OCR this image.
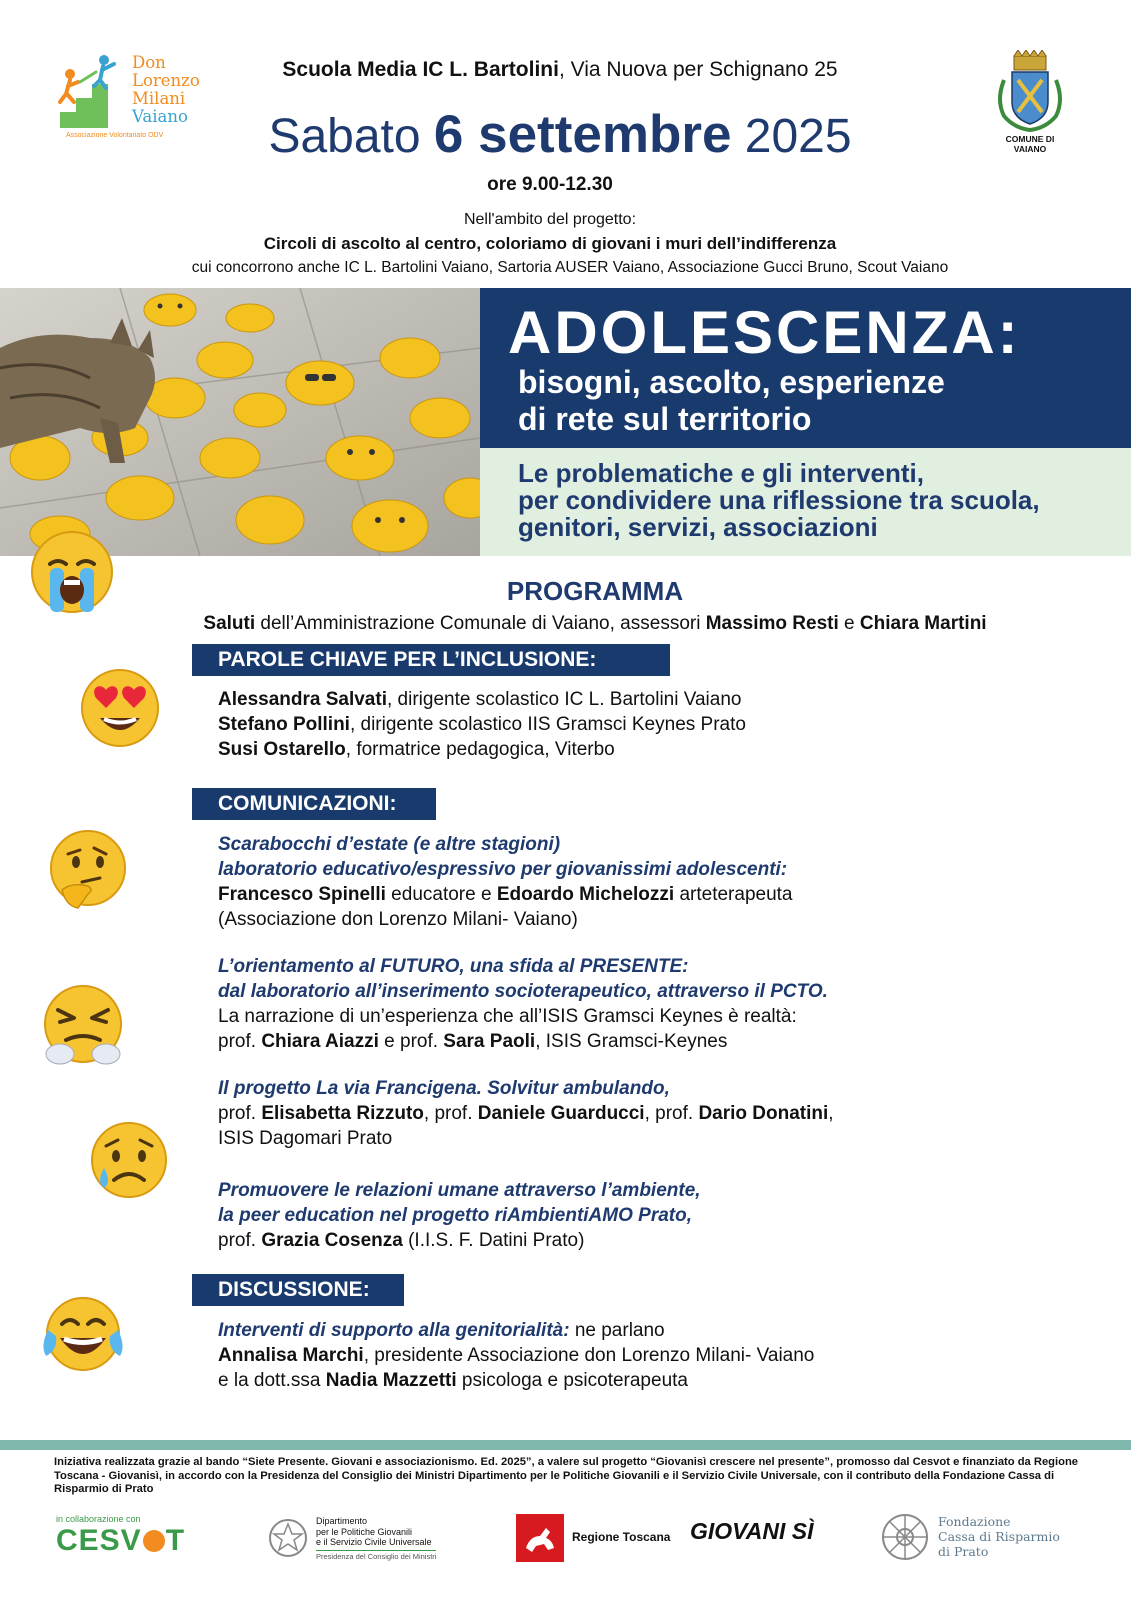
Don
Lorenzo
Milani
Vaiano
Associazione Volontariato ODV
Scuola Media IC L. Bartolini, Via Nuova per Schignano 25
Sabato 6 settembre 2025
ore 9.00-12.30
Nell'ambito del progetto:
Circoli di ascolto al centro, coloriamo di giovani i muri dell’indifferenza
cui concorrono anche IC L. Bartolini Vaiano, Sartoria AUSER Vaiano, Associazione Gucci Bruno, Scout Vaiano
COMUNE DI
VAIANO
ADOLESCENZA:
bisogni, ascolto, esperienze
di rete sul territorio
Le problematiche e gli interventi,
per condividere una riflessione tra scuola,
genitori, servizi, associazioni
PROGRAMMA
Saluti dell’Amministrazione Comunale di Vaiano, assessori Massimo Resti e Chiara Martini
PAROLE CHIAVE PER L’INCLUSIONE:
Alessandra Salvati, dirigente scolastico IC L. Bartolini Vaiano
Stefano Pollini, dirigente scolastico IIS Gramsci Keynes Prato
Susi Ostarello, formatrice pedagogica, Viterbo
COMUNICAZIONI:
Scarabocchi d’estate (e altre stagioni)
laboratorio educativo/espressivo per giovanissimi adolescenti:
Francesco Spinelli educatore e Edoardo Michelozzi arteterapeuta
(Associazione don Lorenzo Milani- Vaiano)
L’orientamento al FUTURO, una sfida al PRESENTE:
dal laboratorio all’inserimento socioterapeutico, attraverso il PCTO.
La narrazione di un’esperienza che all’ISIS Gramsci Keynes è realtà:
prof. Chiara Aiazzi e prof. Sara Paoli, ISIS Gramsci-Keynes
Il progetto La via Francigena. Solvitur ambulando,
prof. Elisabetta Rizzuto, prof. Daniele Guarducci, prof. Dario Donatini,
ISIS Dagomari Prato
Promuovere le relazioni umane attraverso l’ambiente,
la peer education nel progetto riAmbientiAMO Prato,
prof. Grazia Cosenza (I.I.S. F. Datini Prato)
DISCUSSIONE:
Interventi di supporto alla genitorialità: ne parlano
Annalisa Marchi, presidente Associazione don Lorenzo Milani- Vaiano
e la dott.ssa Nadia Mazzetti psicologa e psicoterapeuta
Iniziativa realizzata grazie al bando “Siete Presente. Giovani e associazionismo. Ed. 2025”, a valere sul progetto “Giovanisì crescere nel presente”, promosso dal Cesvot e finanziato da Regione Toscana - Giovanisì, in accordo con la Presidenza del Consiglio dei Ministri Dipartimento per le Politiche Giovanili e il Servizio Civile Universale, con il contributo della Fondazione Cassa di Risparmio di Prato
in collaborazione con
CESV T
Dipartimento
per le Politiche Giovanili
e il Servizio Civile Universale
Presidenza del Consiglio dei Ministri
Regione Toscana GIOVANI SÌ	Fondazione
Cassa di Risparmio
di Prato
